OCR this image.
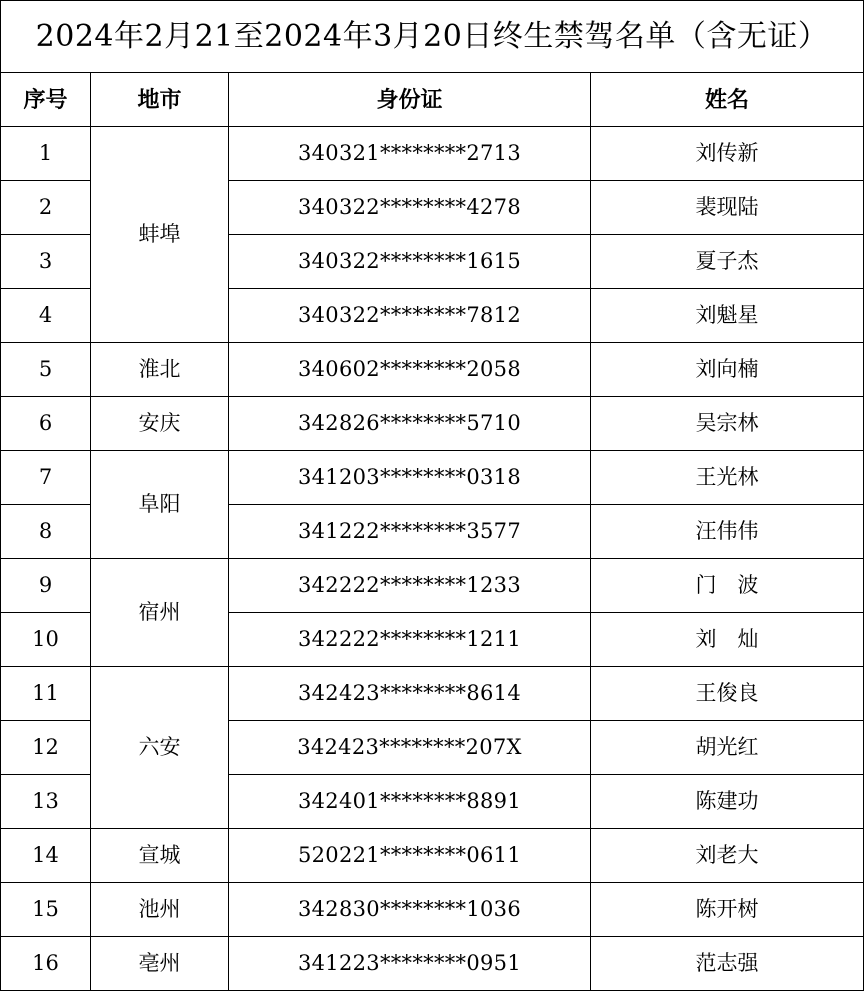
2024年2月21至2024年3月20日终生禁驾名单（含无证）			
序号	地市	身份证	姓名
1	蚌埠	340321********2713	刘传新
2		340322********4278	裴现陆
3		340322********1615	夏子杰
4		340322********7812	刘魁星
5	淮北	340602********2058	刘向楠
6	安庆	342826********5710	吴宗林
7	阜阳	341203********0318	王光林
8		341222********3577	汪伟伟
9	宿州	342222********1233	门　波
10		342222********1211	刘　灿
11	六安	342423********8614	王俊良
12		342423********207X	胡光红
13		342401********8891	陈建功
14	宣城	520221********0611	刘老大
15	池州	342830********1036	陈开树
16	亳州	341223********0951	范志强
